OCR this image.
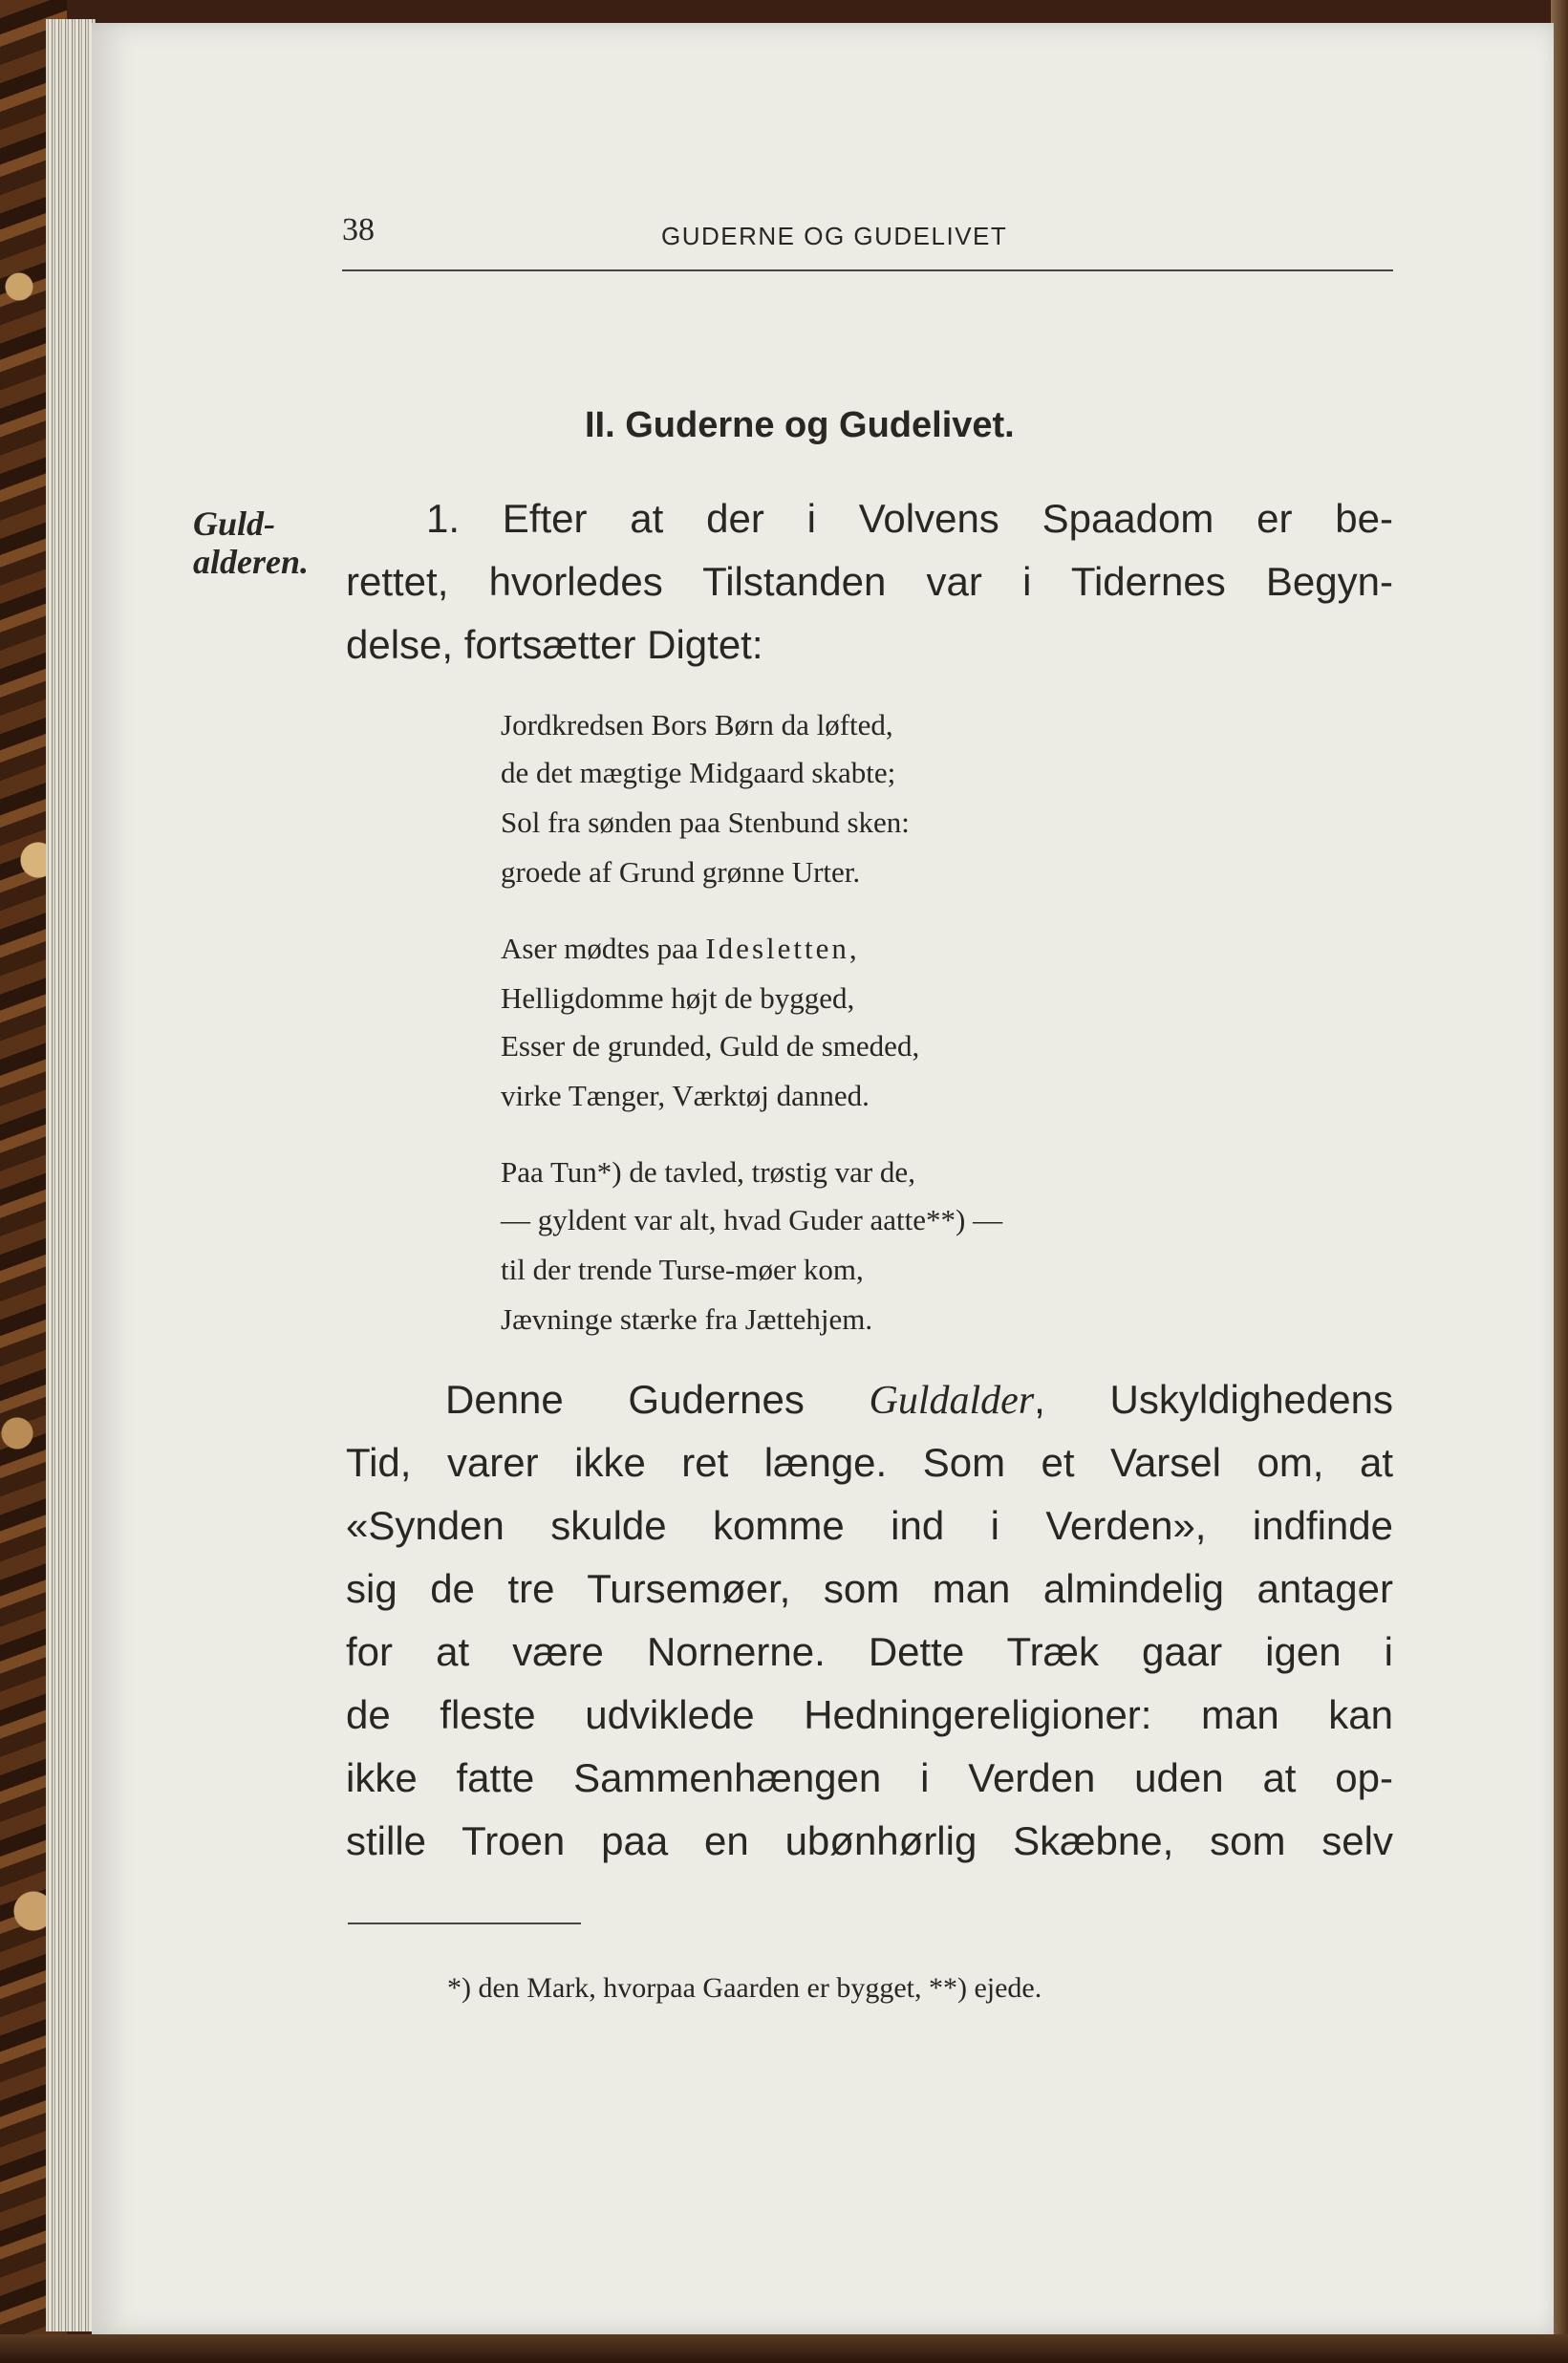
38	GUDERNE OG GUDELIVET
II. Guderne og Gudelivet.
Guld-
alderen.
1. Efter at der i Volvens Spaadom er be-
rettet, hvorledes Tilstanden var i Tidernes Begyn-
delse, fortsætter Digtet:
Jordkredsen Bors Børn da løfted,
de det mægtige Midgaard skabte;
Sol fra sønden paa Stenbund sken:
groede af Grund grønne Urter.
Aser mødtes paa Idesletten,
Helligdomme højt de bygged,
Esser de grunded, Guld de smeded,
virke Tænger, Værktøj danned.
Paa Tun*) de tavled, trøstig var de,
— gyldent var alt, hvad Guder aatte**) —
til der trende Turse-møer kom,
Jævninge stærke fra Jættehjem.
Denne Gudernes Guldalder, Uskyldighedens
Tid, varer ikke ret længe. Som et Varsel om, at
«Synden skulde komme ind i Verden», indfinde
sig de tre Tursemøer, som man almindelig antager
for at være Nornerne. Dette Træk gaar igen i
de fleste udviklede Hedningereligioner: man kan
ikke fatte Sammenhængen i Verden uden at op-
stille Troen paa en ubønhørlig Skæbne, som selv
*) den Mark, hvorpaa Gaarden er bygget, **) ejede.
